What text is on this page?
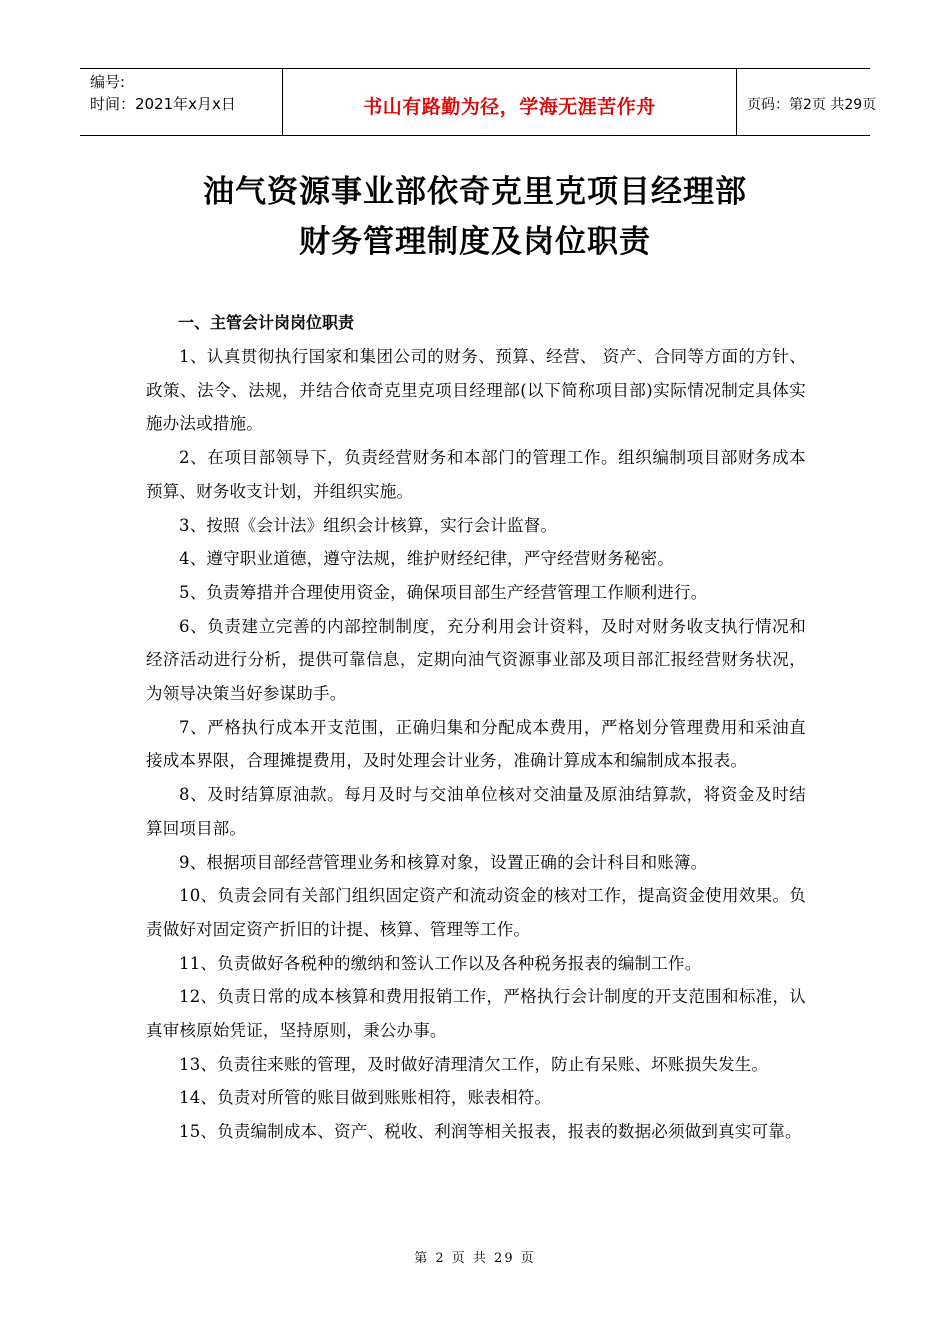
编号:
时间：2021年x月x日	书山有路勤为径，学海无涯苦作舟	页码：第2页 共29页
油气资源事业部依奇克里克项目经理部
财务管理制度及岗位职责
一、主管会计岗岗位职责

1、认真贯彻执行国家和集团公司的财务、预算、经营、 资产、合同等方面的方针、政策、法令、法规，并结合依奇克里克项目经理部(以下简称项目部)实际情况制定具体实施办法或措施。

2、在项目部领导下，负责经营财务和本部门的管理工作。组织编制项目部财务成本预算、财务收支计划，并组织实施。

3、按照《会计法》组织会计核算，实行会计监督。

4、遵守职业道德，遵守法规，维护财经纪律，严守经营财务秘密。

5、负责筹措并合理使用资金，确保项目部生产经营管理工作顺利进行。

6、负责建立完善的内部控制制度，充分利用会计资料，及时对财务收支执行情况和经济活动进行分析，提供可靠信息，定期向油气资源事业部及项目部汇报经营财务状况，为领导决策当好参谋助手。

7、严格执行成本开支范围，正确归集和分配成本费用，严格划分管理费用和采油直接成本界限，合理摊提费用，及时处理会计业务，准确计算成本和编制成本报表。

8、及时结算原油款。每月及时与交油单位核对交油量及原油结算款，将资金及时结算回项目部。

9、根据项目部经营管理业务和核算对象，设置正确的会计科目和账簿。

10、负责会同有关部门组织固定资产和流动资金的核对工作，提高资金使用效果。负责做好对固定资产折旧的计提、核算、管理等工作。

11、负责做好各税种的缴纳和签认工作以及各种税务报表的编制工作。

12、负责日常的成本核算和费用报销工作，严格执行会计制度的开支范围和标准，认真审核原始凭证，坚持原则，秉公办事。

13、负责往来账的管理，及时做好清理清欠工作，防止有呆账、坏账损失发生。

14、负责对所管的账目做到账账相符，账表相符。

15、负责编制成本、资产、税收、利润等相关报表，报表的数据必须做到真实可靠。

第 2 页 共 29 页
